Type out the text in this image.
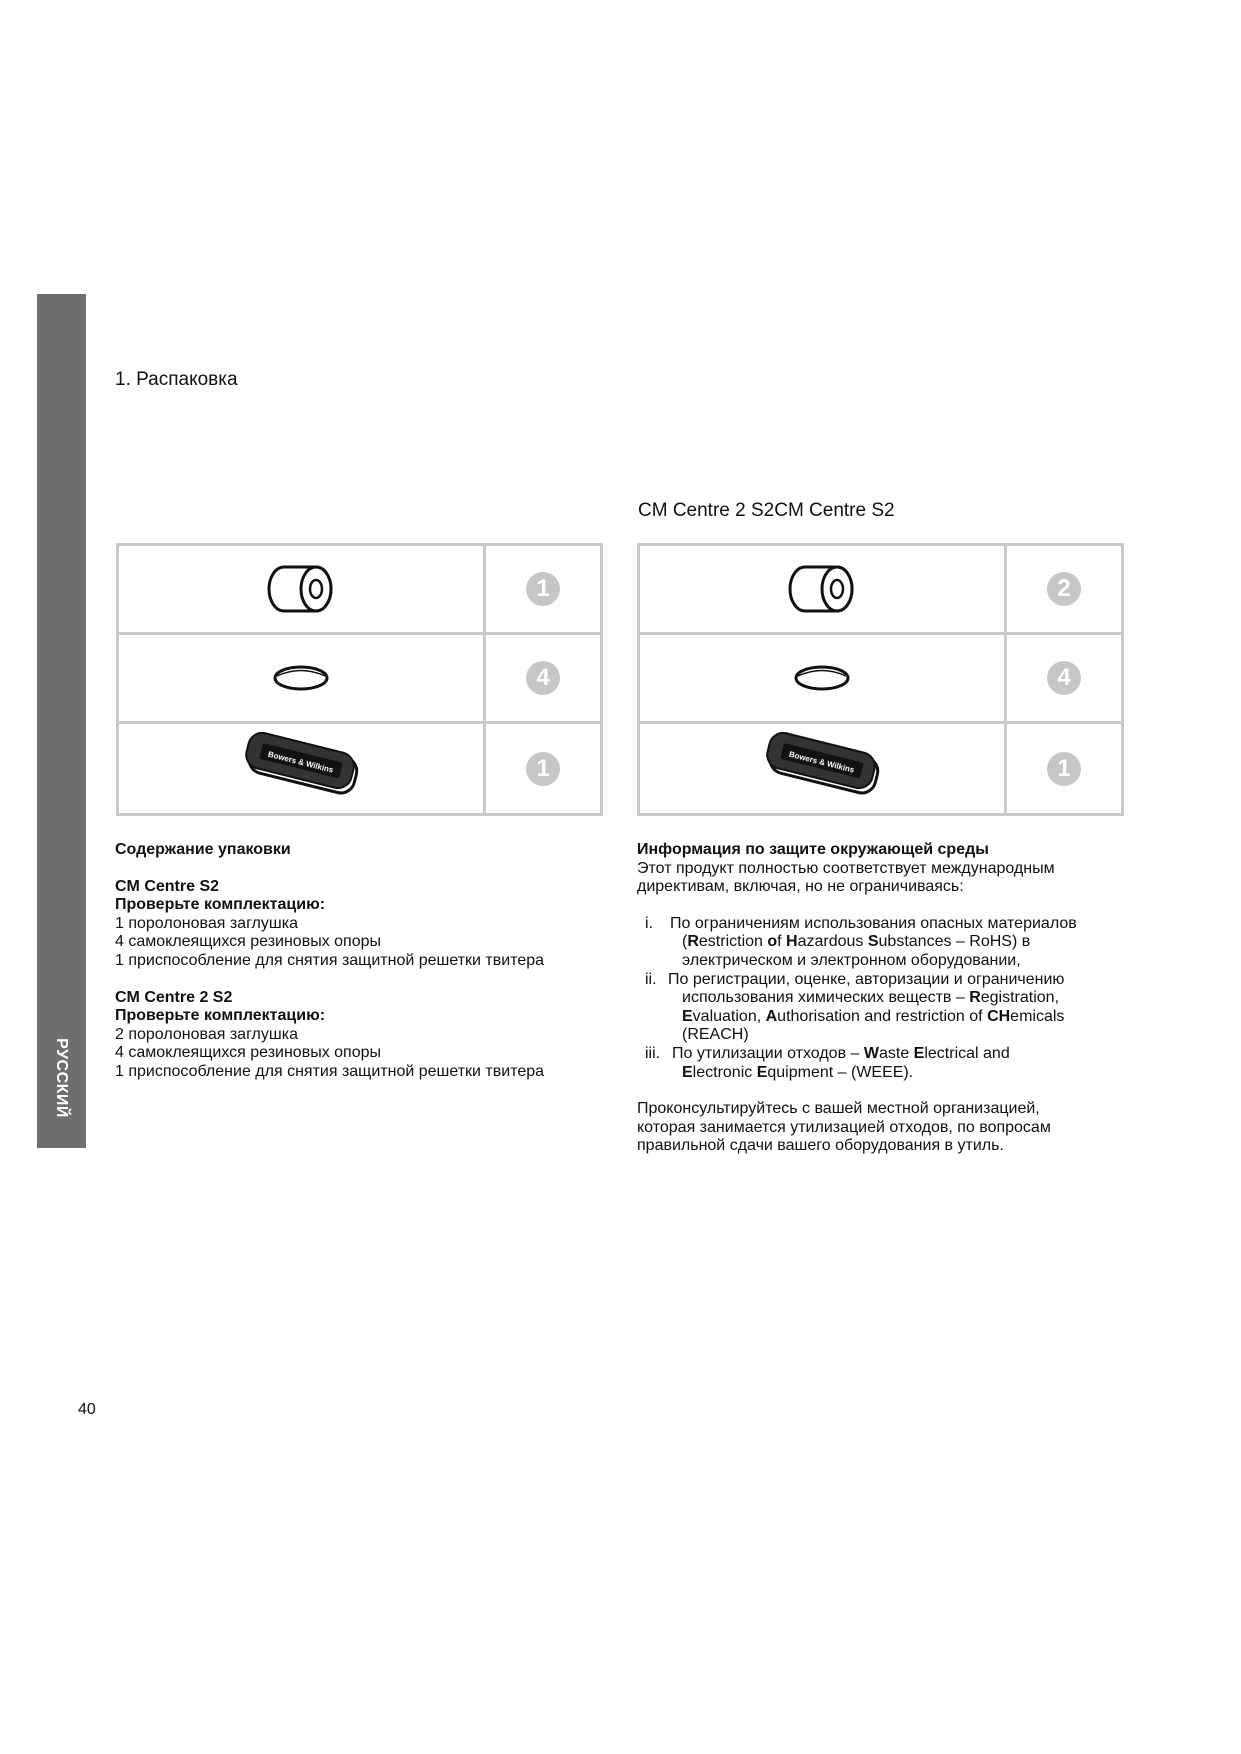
РУССКИЙ
1. Распаковка
CM Centre 2 S2CM Centre S2
1
4
Bowers & Wilkins	1
2
4
Bowers & Wilkins	1
Содержание упаковки
CM Centre S2
Проверьте комплектацию:
1 поролоновая заглушка
4 самоклеящихся резиновых опоры
1 приспособление для снятия защитной решетки твитера
CM Centre 2 S2
Проверьте комплектацию:
2 поролоновая заглушка
4 самоклеящихся резиновых опоры
1 приспособление для снятия защитной решетки твитера
Информация по защите окружающей среды
Этот продукт полностью соответствует международным
директивам, включая, но не ограничиваясь:
i. По ограничениям использования опасных материалов
(Restriction of Hazardous Substances – RoHS) в
электрическом и электронном оборудовании,
ii. По регистрации, оценке, авторизации и ограничению
использования химических веществ – Registration,
Evaluation, Authorisation and restriction of CHemicals
(REACH)
iii. По утилизации отходов – Waste Electrical and
Electronic Equipment – (WEEE).
Проконсультируйтесь с вашей местной организацией,
которая занимается утилизацией отходов, по вопросам
правильной сдачи вашего оборудования в утиль.
40
